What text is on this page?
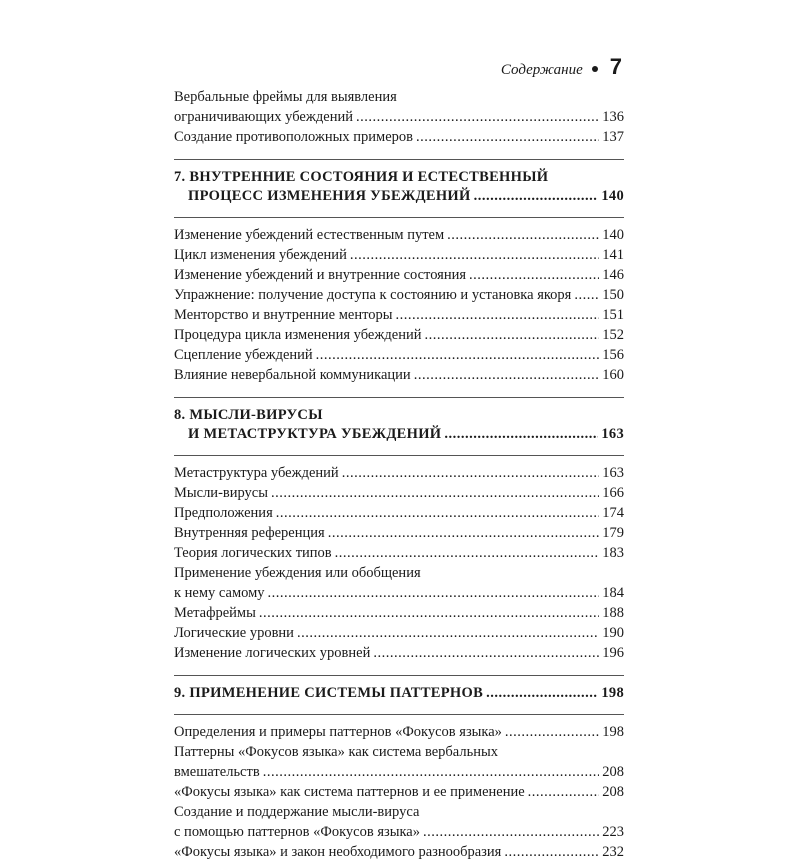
Содержание 7
Вербальные фреймы для выявления
ограничивающих убеждений .....	136
Создание противоположных примеров .....	137
7. ВНУТРЕННИЕ СОСТОЯНИЯ И ЕСТЕСТВЕННЫЙ
ПРОЦЕСС ИЗМЕНЕНИЯ УБЕЖДЕНИЙ .....	140
Изменение убеждений естественным путем .....	140
Цикл изменения убеждений .....	141
Изменение убеждений и внутренние состояния .....	146
Упражнение: получение доступа к состоянию и установка якоря ..... 150
Менторство и внутренние менторы .....	151
Процедура цикла изменения убеждений .....	152
Сцепление убеждений .....	156
Влияние невербальной коммуникации .....	160
8. МЫСЛИ-ВИРУСЫ
И МЕТАСТРУКТУРА УБЕЖДЕНИЙ .....	163
Метаструктура убеждений .....	163
Мысли-вирусы .....	166
Предположения .....	174
Внутренняя референция .....	179
Теория логических типов .....	183
Применение убеждения или обобщения
к нему самому .....	184
Метафреймы .....	188
Логические уровни .....	190
Изменение логических уровней .....	196
9. ПРИМЕНЕНИЕ СИСТЕМЫ ПАТТЕРНОВ .....	198
Определения и примеры паттернов «Фокусов языка» .....	198
Паттерны «Фокусов языка» как система вербальных
вмешательств .....	208
«Фокусы языка» как система паттернов и ее применение .....	208
Создание и поддержание мысли-вируса
с помощью паттернов «Фокусов языка» .....	223
«Фокусы языка» и закон необходимого разнообразия .....	232
